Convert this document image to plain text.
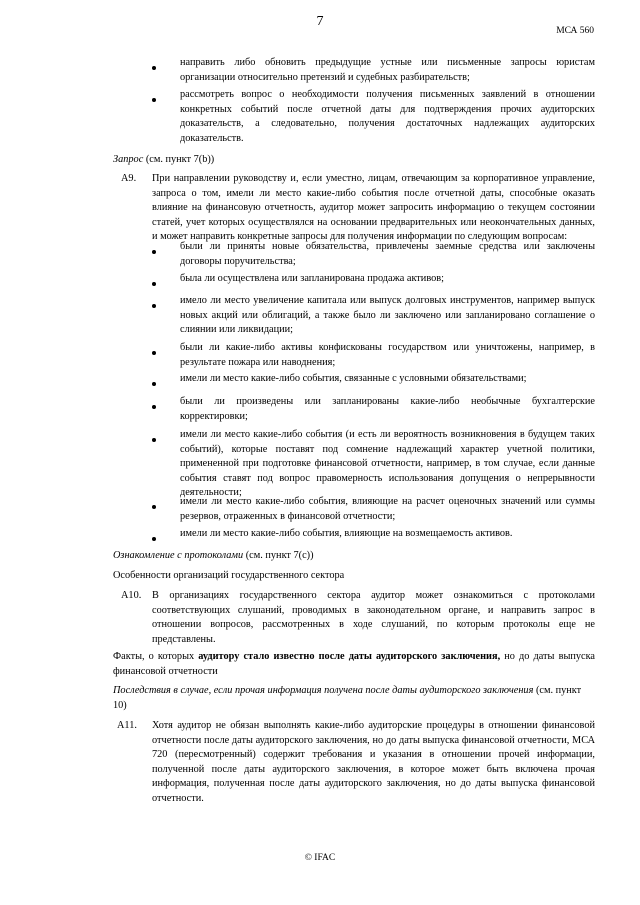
7
МСА 560
направить либо обновить предыдущие устные или письменные запросы юристам организации относительно претензий и судебных разбирательств;
рассмотреть вопрос о необходимости получения письменных заявлений в отношении конкретных событий после отчетной даты для подтверждения прочих аудиторских доказательств, а следовательно, получения достаточных надлежащих аудиторских доказательств.
Запрос (см. пункт 7(b))
A9. При направлении руководству и, если уместно, лицам, отвечающим за корпоративное управление, запроса о том, имели ли место какие-либо события после отчетной даты, способные оказать влияние на финансовую отчетность, аудитор может запросить информацию о текущем состоянии статей, учет которых осуществлялся на основании предварительных или неокончательных данных, и может направить конкретные запросы для получения информации по следующим вопросам:
были ли приняты новые обязательства, привлечены заемные средства или заключены договоры поручительства;
была ли осуществлена или запланирована продажа активов;
имело ли место увеличение капитала или выпуск долговых инструментов, например выпуск новых акций или облигаций, а также было ли заключено или запланировано соглашение о слиянии или ликвидации;
были ли какие-либо активы конфискованы государством или уничтожены, например, в результате пожара или наводнения;
имели ли место какие-либо события, связанные с условными обязательствами;
были ли произведены или запланированы какие-либо необычные бухгалтерские корректировки;
имели ли место какие-либо события (и есть ли вероятность возникновения в будущем таких событий), которые поставят под сомнение надлежащий характер учетной политики, примененной при подготовке финансовой отчетности, например, в том случае, если данные события ставят под вопрос правомерность использования допущения о непрерывности деятельности;
имели ли место какие-либо события, влияющие на расчет оценочных значений или суммы резервов, отраженных в финансовой отчетности;
имели ли место какие-либо события, влияющие на возмещаемость активов.
Ознакомление с протоколами (см. пункт 7(c))
Особенности организаций государственного сектора
A10. В организациях государственного сектора аудитор может ознакомиться с протоколами соответствующих слушаний, проводимых в законодательном органе, и направить запрос в отношении вопросов, рассмотренных в ходе слушаний, по которым протоколы еще не представлены.
Факты, о которых аудитору стало известно после даты аудиторского заключения, но до даты выпуска финансовой отчетности
Последствия в случае, если прочая информация получена после даты аудиторского заключения (см. пункт 10)
A11. Хотя аудитор не обязан выполнять какие-либо аудиторские процедуры в отношении финансовой отчетности после даты аудиторского заключения, но до даты выпуска финансовой отчетности, МСА 720 (пересмотренный) содержит требования и указания в отношении прочей информации, полученной после даты аудиторского заключения, в которое может быть включена прочая информация, полученная после даты аудиторского заключения, но до даты выпуска финансовой отчетности.
© IFAC
